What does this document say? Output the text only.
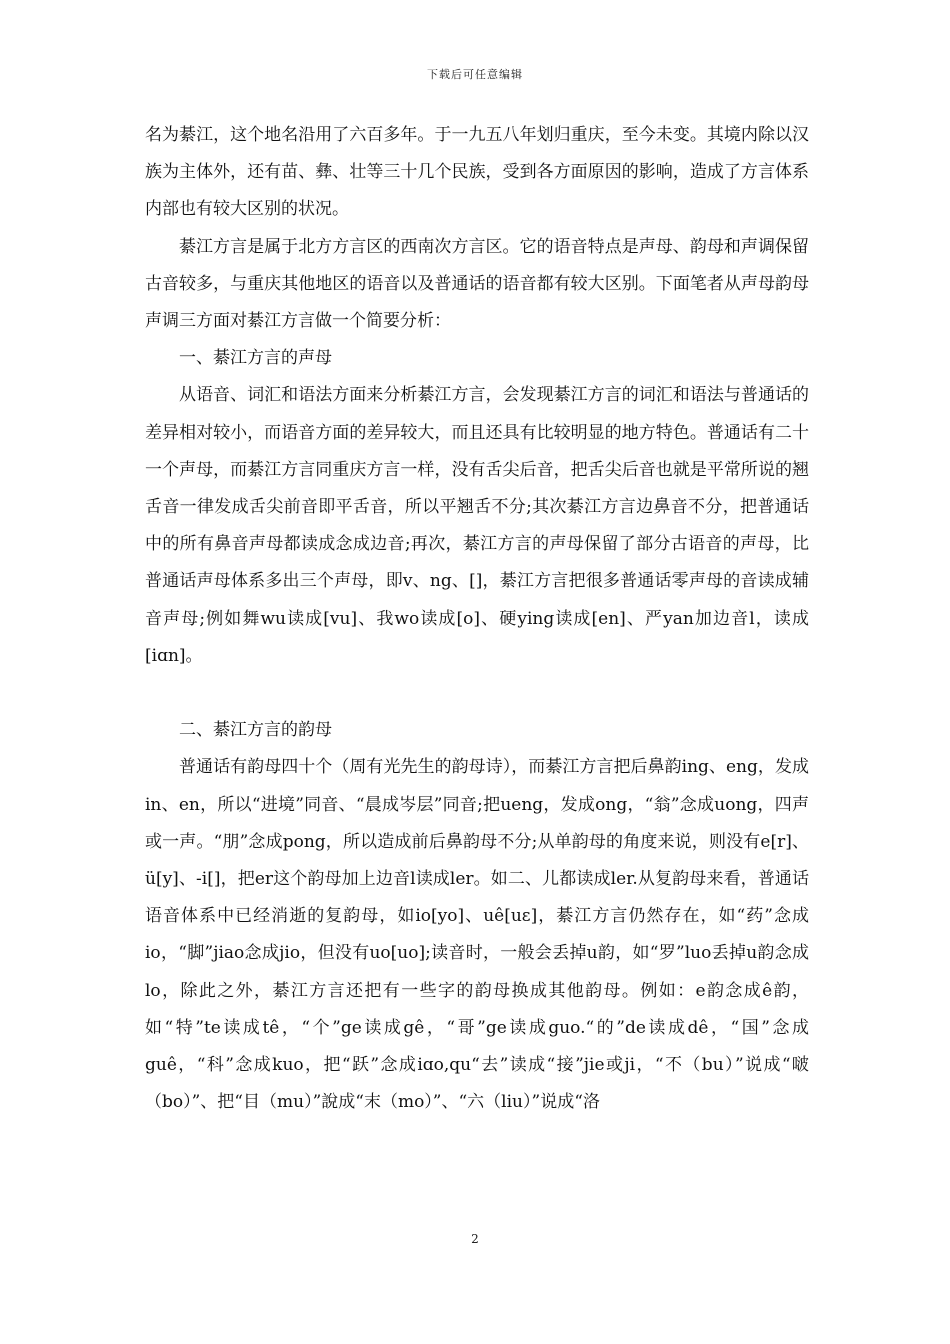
下载后可任意编辑

名为綦江，这个地名沿用了六百多年。于一九五八年划归重庆，至今未变。其境内除以汉族为主体外，还有苗、彝、壮等三十几个民族，受到各方面原因的影响，造成了方言体系内部也有较大区别的状况。

綦江方言是属于北方方言区的西南次方言区。它的语音特点是声母、韵母和声调保留古音较多，与重庆其他地区的语音以及普通话的语音都有较大区别。下面笔者从声母韵母声调三方面对綦江方言做一个简要分析：

一、綦江方言的声母

从语音、词汇和语法方面来分析綦江方言，会发现綦江方言的词汇和语法与普通话的差异相对较小，而语音方面的差异较大，而且还具有比较明显的地方特色。普通话有二十一个声母，而綦江方言同重庆方言一样，没有舌尖后音，把舌尖后音也就是平常所说的翘舌音一律发成舌尖前音即平舌音，所以平翘舌不分;其次綦江方言边鼻音不分，把普通话中的所有鼻音声母都读成念成边音;再次，綦江方言的声母保留了部分古语音的声母，比普通话声母体系多出三个声母，即v、ng、[]，綦江方言把很多普通话零声母的音读成辅音声母;例如舞wu读成[vu]、我wo读成[o]、硬ying读成[en]、严yan加边音l，读成[iɑn]。

二、綦江方言的韵母

普通话有韵母四十个（周有光先生的韵母诗），而綦江方言把后鼻韵ing、eng，发成in、en，所以“进境”同音、“晨成岑层”同音;把ueng，发成ong，“翁”念成uong，四声或一声。“朋”念成pong，所以造成前后鼻韵母不分;从单韵母的角度来说，则没有e[r]、ü[y]、-i[]，把er这个韵母加上边音l读成ler。如二、儿都读成ler.从复韵母来看，普通话语音体系中已经消逝的复韵母，如io[yo]、uê[uɛ]，綦江方言仍然存在，如“药”念成io，“脚”jiao念成jio，但没有uo[uo];读音时，一般会丢掉u韵，如“罗”luo丢掉u韵念成lo，除此之外，綦江方言还把有一些字的韵母换成其他韵母。例如：e韵念成ê韵，如“特”te读成tê，“个”ge读成gê，“哥”ge读成guo.“的”de读成dê，“国”念成guê，“科”念成kuo，把“跃”念成iɑo,qu“去”读成“接”jie或ji，“不（bu）”说成“啵（bo）”、把“目（mu）”說成“末（mo）”、“六（liu）”说成“洛

2
